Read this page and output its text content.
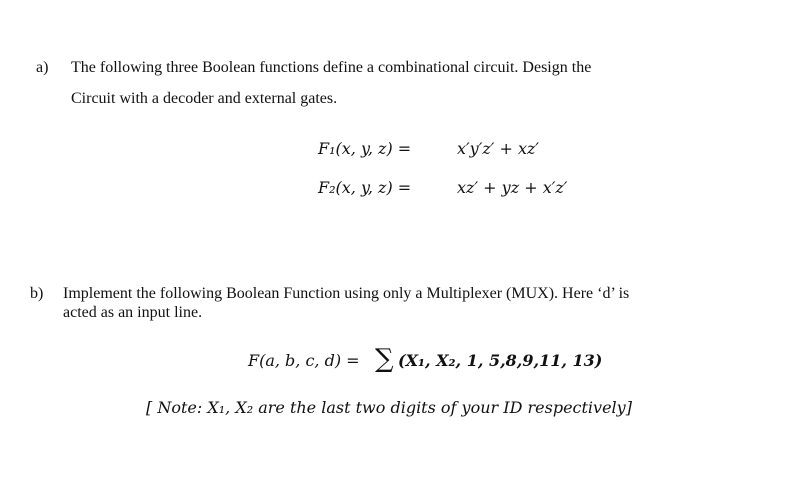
a) The following three Boolean functions define a combinational circuit. Design the
Circuit with a decoder and external gates.
F₁(x, y, z) =	x′y′z′ + xz′
F₂(x, y, z) =	xz′ + yz + x′z′
b) Implement the following Boolean Function using only a Multiplexer (MUX). Here ‘d’ is
acted as an input line.
F(a, b, c, d) = ∑ (X₁, X₂, 1, 5,8,9,11, 13)
[ Note: X₁, X₂ are the last two digits of your ID respectively]
